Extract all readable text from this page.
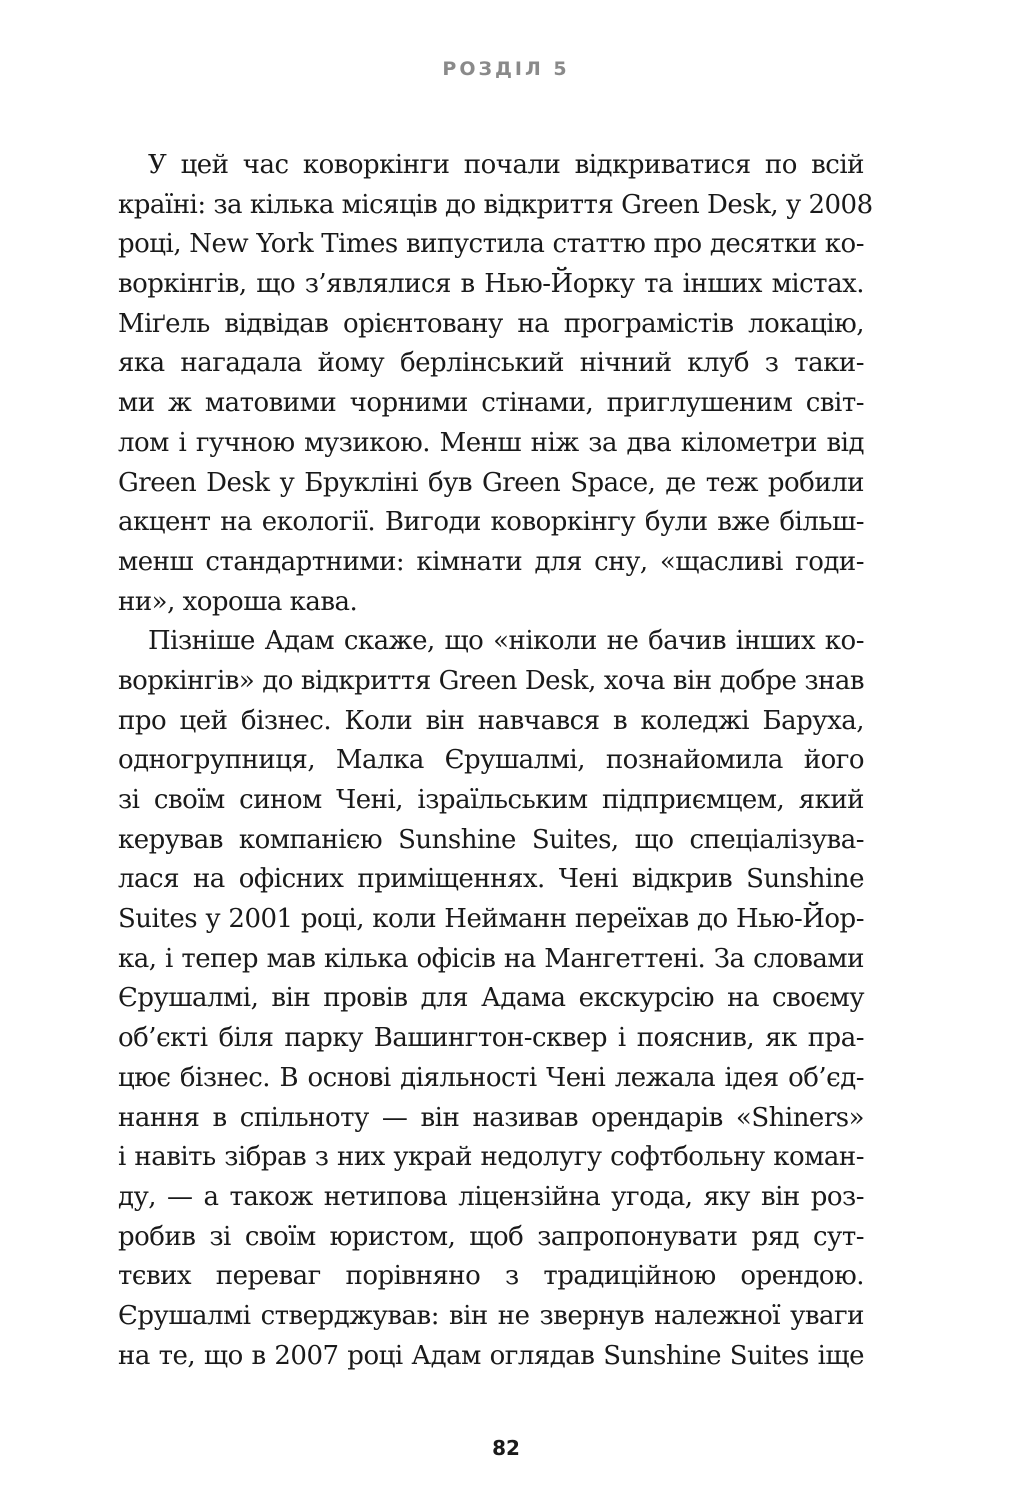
РОЗДІЛ 5
У цей час коворкінги почали відкриватися по всій
країні: за кілька місяців до відкриття Green Desk, у 2008
році, New York Times випустила статтю про десятки ко-
воркінгів, що з’являлися в Нью-Йорку та інших містах.
Міґель відвідав орієнтовану на програмістів локацію,
яка нагадала йому берлінський нічний клуб з таки-
ми ж матовими чорними стінами, приглушеним світ-
лом і гучною музикою. Менш ніж за два кілометри від
Green Desk у Брукліні був Green Space, де теж робили
акцент на екології. Вигоди коворкінгу були вже більш-
менш стандартними: кімнати для сну, «щасливі годи-
ни», хороша кава.
Пізніше Адам скаже, що «ніколи не бачив інших ко-
воркінгів» до відкриття Green Desk, хоча він добре знав
про цей бізнес. Коли він навчався в коледжі Баруха,
одногрупниця, Малка Єрушалмі, познайомила його
зі своїм сином Чені, ізраїльським підприємцем, який
керував компанією Sunshine Suites, що спеціалізува-
лася на офісних приміщеннях. Чені відкрив Sunshine
Suites у 2001 році, коли Нейманн переїхав до Нью-Йор-
ка, і тепер мав кілька офісів на Мангеттені. За словами
Єрушалмі, він провів для Адама екскурсію на своєму
об’єкті біля парку Вашингтон-сквер і пояснив, як пра-
цює бізнес. В основі діяльності Чені лежала ідея об’єд-
нання в спільноту — він називав орендарів «Shiners»
і навіть зібрав з них украй недолугу софтбольну коман-
ду, — а також нетипова ліцензійна угода, яку він роз-
робив зі своїм юристом, щоб запропонувати ряд сут-
тєвих переваг порівняно з традиційною орендою.
Єрушалмі стверджував: він не звернув належної уваги
на те, що в 2007 році Адам оглядав Sunshine Suites іще
82
